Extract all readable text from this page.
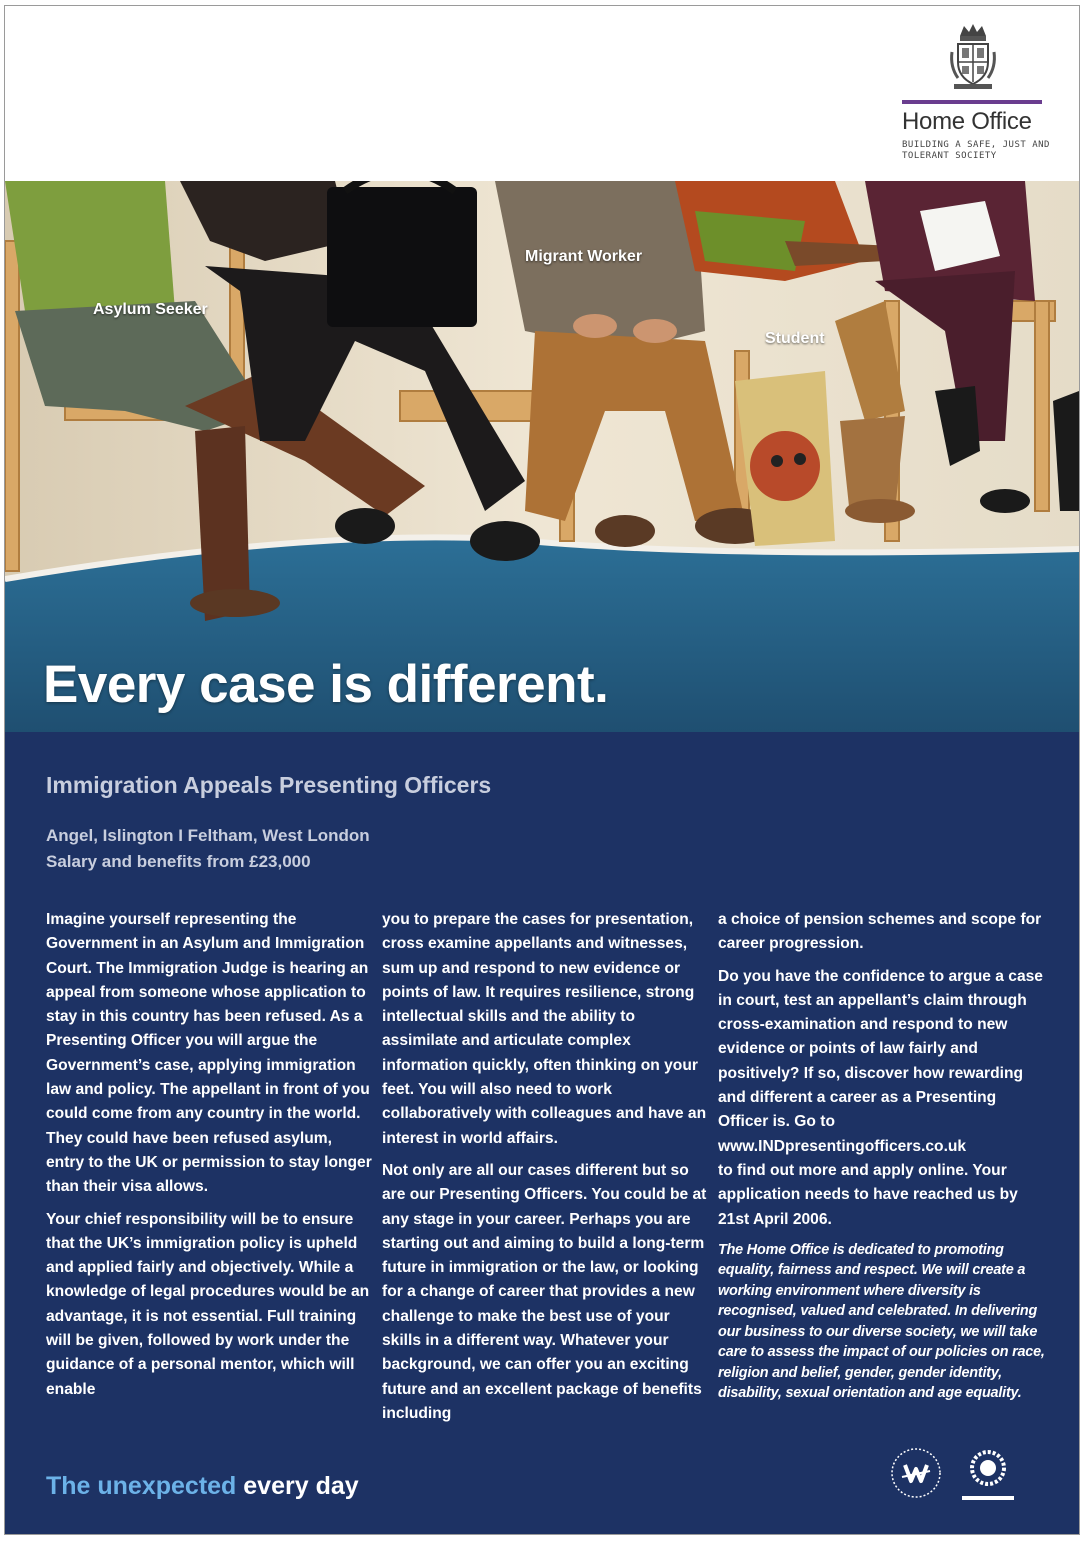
Home Office
BUILDING A SAFE, JUST AND TOLERANT SOCIETY
Asylum Seeker
Migrant Worker
Student
Every case is different.
Immigration Appeals Presenting Officers
Angel, Islington I Feltham, West London
Salary and benefits from £23,000

Imagine yourself representing the Government in an Asylum and Immigration Court. The Immigration Judge is hearing an appeal from someone whose application to stay in this country has been refused. As a Presenting Officer you will argue the Government’s case, applying immigration law and policy. The appellant in front of you could come from any country in the world. They could have been refused asylum, entry to the UK or permission to stay longer than their visa allows.

Your chief responsibility will be to ensure that the UK’s immigration policy is upheld and applied fairly and objectively. While a knowledge of legal procedures would be an advantage, it is not essential. Full training will be given, followed by work under the guidance of a personal mentor, which will enable

you to prepare the cases for presentation, cross examine appellants and witnesses, sum up and respond to new evidence or points of law. It requires resilience, strong intellectual skills and the ability to assimilate and articulate complex information quickly, often thinking on your feet. You will also need to work collaboratively with colleagues and have an interest in world affairs.

Not only are all our cases different but so are our Presenting Officers. You could be at any stage in your career. Perhaps you are starting out and aiming to build a long-term future in immigration or the law, or looking for a change of career that provides a new challenge to make the best use of your skills in a different way. Whatever your background, we can offer you an exciting future and an excellent package of benefits including

a choice of pension schemes and scope for career progression.

Do you have the confidence to argue a case in court, test an appellant’s claim through cross-examination and respond to new evidence or points of law fairly and positively? If so, discover how rewarding and different a career as a Presenting Officer is. Go to

www.INDpresentingofficers.co.uk

to find out more and apply online. Your application needs to have reached us by 21st April 2006.

The Home Office is dedicated to promoting equality, fairness and respect. We will create a working environment where diversity is recognised, valued and celebrated. In delivering our business to our diverse society, we will take care to assess the impact of our policies on race, religion and belief, gender, gender identity, disability, sexual orientation and age equality.

The unexpected every day
